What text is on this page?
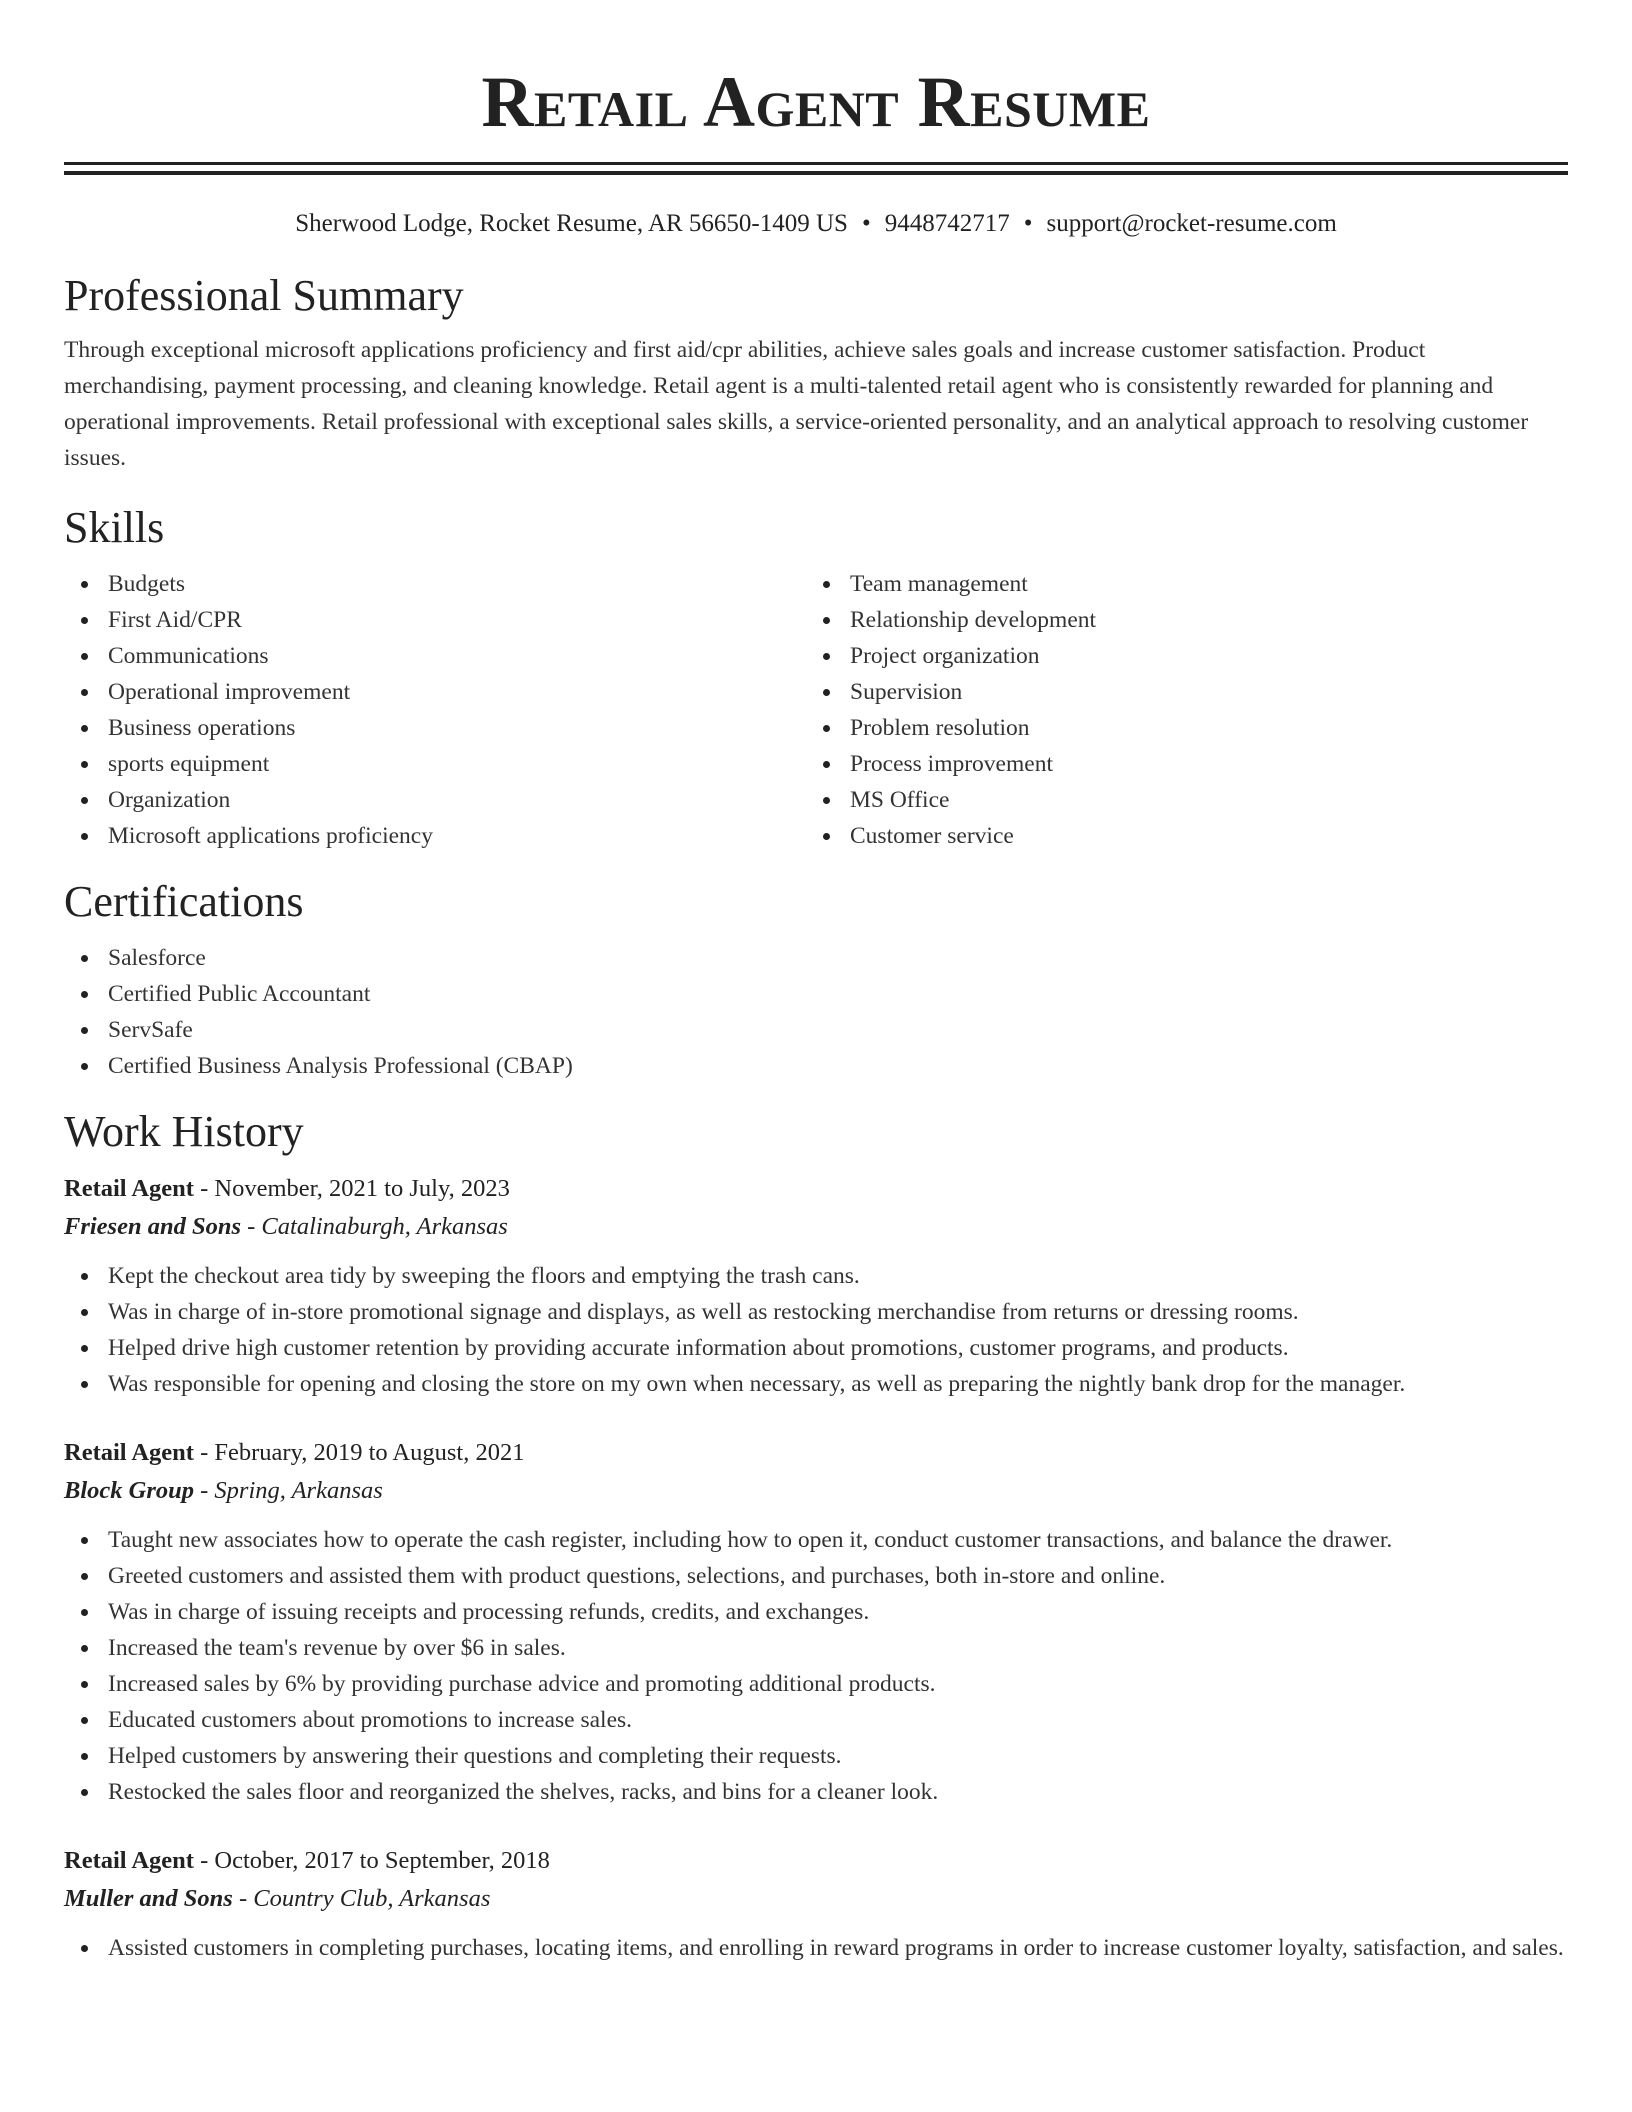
Retail Agent Resume
Sherwood Lodge, Rocket Resume, AR 56650-1409 US • 9448742717 • support@rocket-resume.com
Professional Summary

Through exceptional microsoft applications proficiency and first aid/cpr abilities, achieve sales goals and increase customer satisfaction. Product merchandising, payment processing, and cleaning knowledge. Retail agent is a multi-talented retail agent who is consistently rewarded for planning and operational improvements. Retail professional with exceptional sales skills, a service-oriented personality, and an analytical approach to resolving customer issues.

Skills
Budgets
First Aid/CPR
Communications
Operational improvement
Business operations
sports equipment
Organization
Microsoft applications proficiency
Team management
Relationship development
Project organization
Supervision
Problem resolution
Process improvement
MS Office
Customer service
Certifications
Salesforce
Certified Public Accountant
ServSafe
Certified Business Analysis Professional (CBAP)
Work History
Retail Agent - November, 2021 to July, 2023
Friesen and Sons - Catalinaburgh, Arkansas
Kept the checkout area tidy by sweeping the floors and emptying the trash cans.
Was in charge of in-store promotional signage and displays, as well as restocking merchandise from returns or dressing rooms.
Helped drive high customer retention by providing accurate information about promotions, customer programs, and products.
Was responsible for opening and closing the store on my own when necessary, as well as preparing the nightly bank drop for the manager.
Retail Agent - February, 2019 to August, 2021
Block Group - Spring, Arkansas
Taught new associates how to operate the cash register, including how to open it, conduct customer transactions, and balance the drawer.
Greeted customers and assisted them with product questions, selections, and purchases, both in-store and online.
Was in charge of issuing receipts and processing refunds, credits, and exchanges.
Increased the team's revenue by over $6 in sales.
Increased sales by 6% by providing purchase advice and promoting additional products.
Educated customers about promotions to increase sales.
Helped customers by answering their questions and completing their requests.
Restocked the sales floor and reorganized the shelves, racks, and bins for a cleaner look.
Retail Agent - October, 2017 to September, 2018
Muller and Sons - Country Club, Arkansas
Assisted customers in completing purchases, locating items, and enrolling in reward programs in order to increase customer loyalty, satisfaction, and sales.
